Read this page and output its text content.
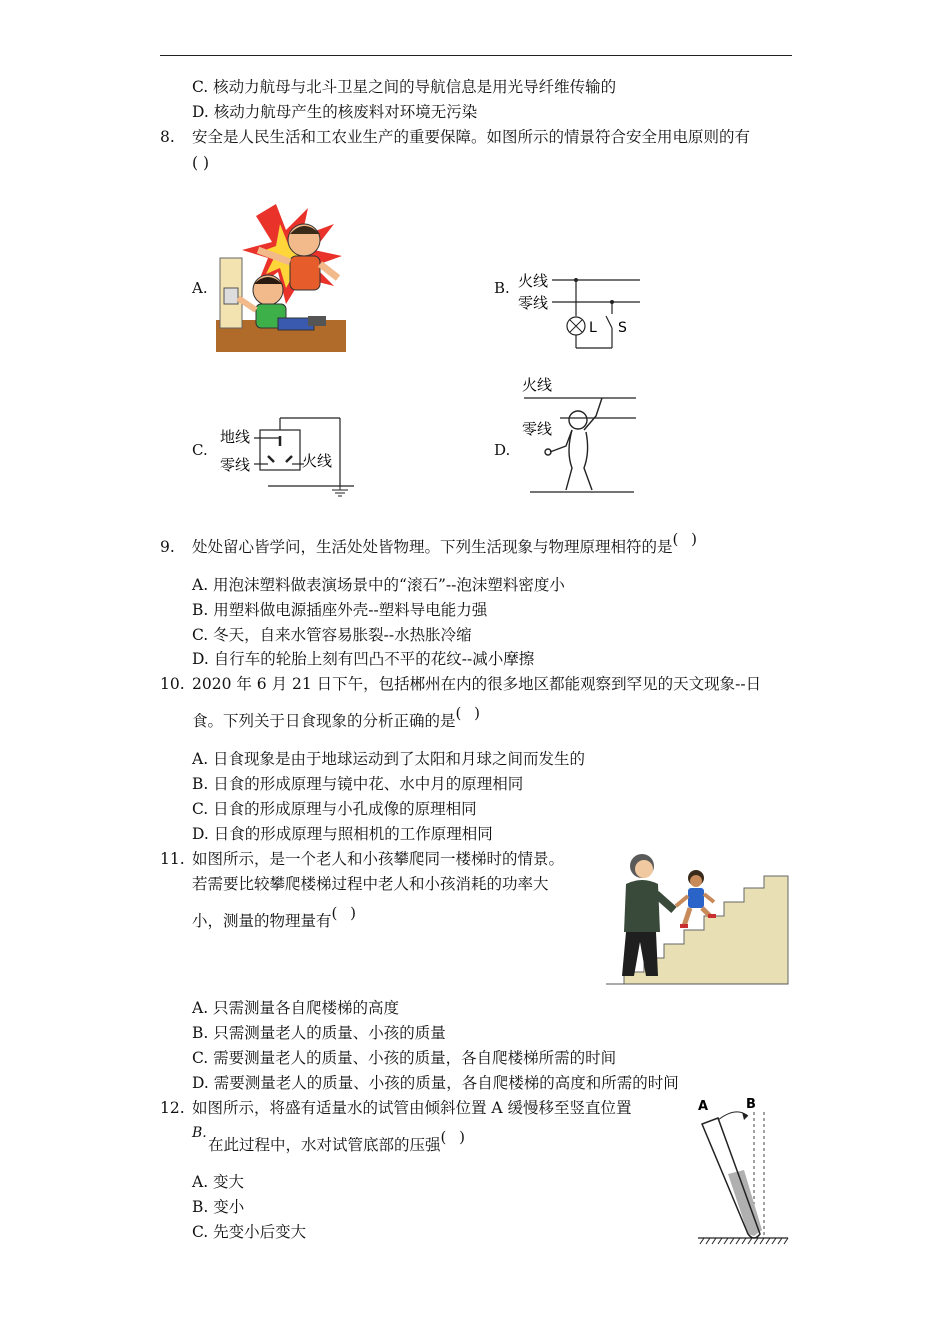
C. 核动力航母与北斗卫星之间的导航信息是用光导纤维传输的
D. 核动力航母产生的核废料对环境无污染
8. 安全是人民生活和工农业生产的重要保障。如图所示的情景符合安全用电原则的有
( )
A.	B.
C.	D.
火线
零线
L S
地线
零线	火线
火线
零线
9. 处处留心皆学问，生活处处皆物理。下列生活现象与物理原理相符的是( )
A. 用泡沫塑料做表演场景中的“滚石”--泡沫塑料密度小
B. 用塑料做电源插座外壳--塑料导电能力强
C. 冬天，自来水管容易胀裂--水热胀冷缩
D. 自行车的轮胎上刻有凹凸不平的花纹--减小摩擦
10. 2020 年 6 月 21 日下午，包括郴州在内的很多地区都能观察到罕见的天文现象--日
食。下列关于日食现象的分析正确的是( )
A. 日食现象是由于地球运动到了太阳和月球之间而发生的
B. 日食的形成原理与镜中花、水中月的原理相同
C. 日食的形成原理与小孔成像的原理相同
D. 日食的形成原理与照相机的工作原理相同
11. 如图所示，是一个老人和小孩攀爬同一楼梯时的情景。
若需要比较攀爬楼梯过程中老人和小孩消耗的功率大
小，测量的物理量有( )
A. 只需测量各自爬楼梯的高度
B. 只需测量老人的质量、小孩的质量
C. 需要测量老人的质量、小孩的质量，各自爬楼梯所需的时间
D. 需要测量老人的质量、小孩的质量，各自爬楼梯的高度和所需的时间
12. 如图所示，将盛有适量水的试管由倾斜位置 A 缓慢移至竖直位置
B.
在此过程中，水对试管底部的压强( )
A. 变大
B. 变小
C. 先变小后变大
A	B
